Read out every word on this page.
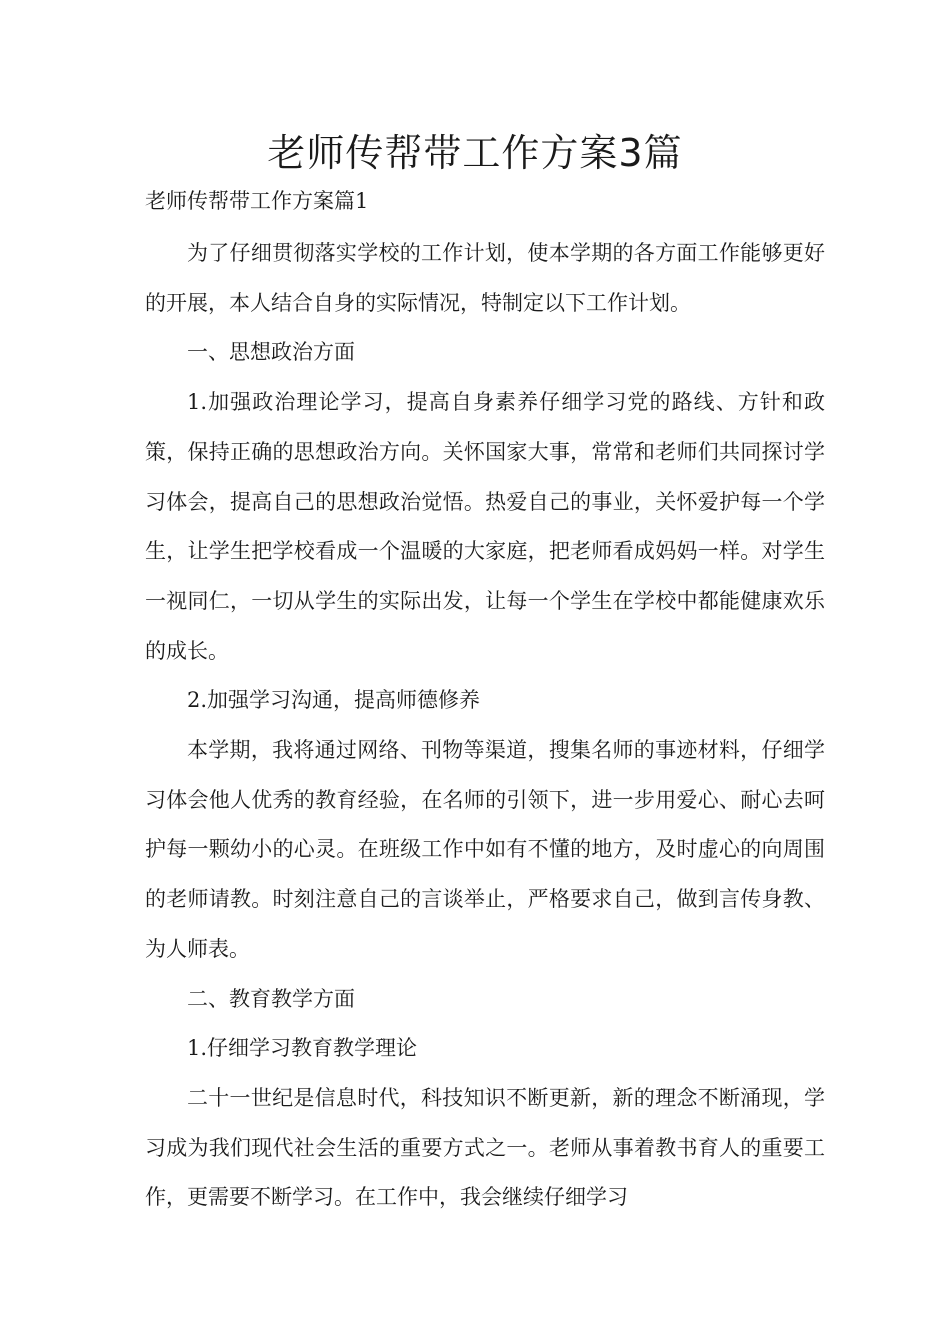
老师传帮带工作方案3篇
老师传帮带工作方案篇1

为了仔细贯彻落实学校的工作计划，使本学期的各方面工作能够更好的开展，本人结合自身的实际情况，特制定以下工作计划。

一、思想政治方面

1.加强政治理论学习，提高自身素养仔细学习党的路线、方针和政策，保持正确的思想政治方向。关怀国家大事，常常和老师们共同探讨学习体会，提高自己的思想政治觉悟。热爱自己的事业，关怀爱护每一个学生，让学生把学校看成一个温暖的大家庭，把老师看成妈妈一样。对学生一视同仁，一切从学生的实际出发，让每一个学生在学校中都能健康欢乐的成长。

2.加强学习沟通，提高师德修养

本学期，我将通过网络、刊物等渠道，搜集名师的事迹材料，仔细学习体会他人优秀的教育经验，在名师的引领下，进一步用爱心、耐心去呵护每一颗幼小的心灵。在班级工作中如有不懂的地方，及时虚心的向周围的老师请教。时刻注意自己的言谈举止，严格要求自己，做到言传身教、为人师表。

二、教育教学方面

1.仔细学习教育教学理论

二十一世纪是信息时代，科技知识不断更新，新的理念不断涌现，学习成为我们现代社会生活的重要方式之一。老师从事着教书育人的重要工作，更需要不断学习。在工作中，我会继续仔细学习
